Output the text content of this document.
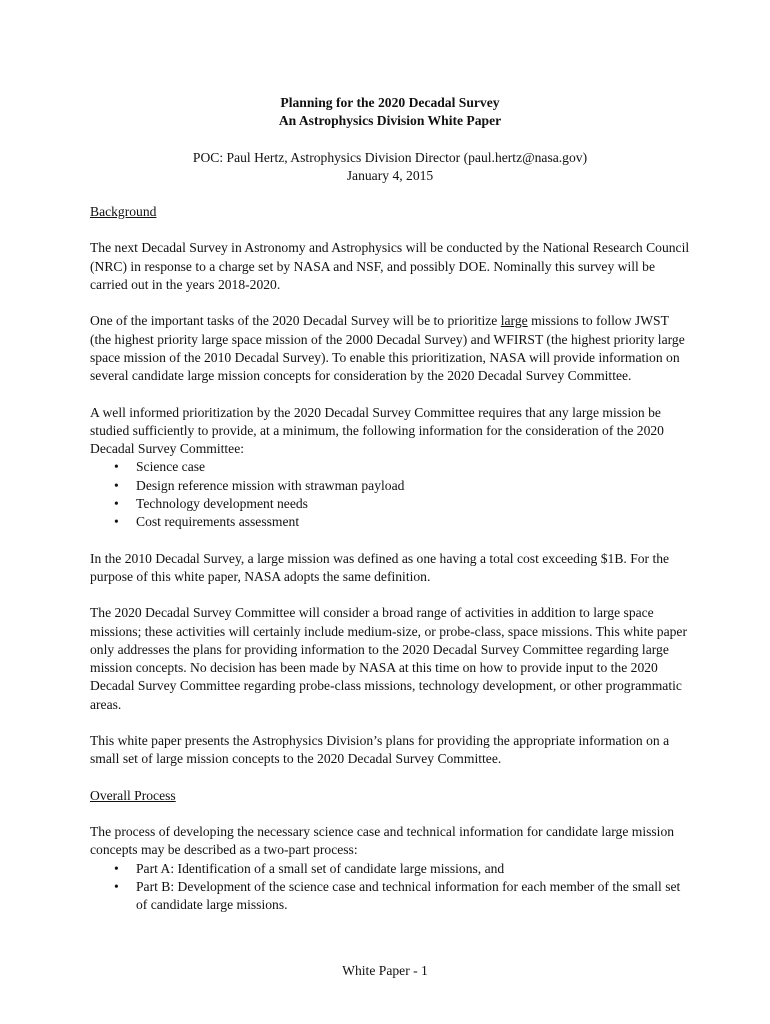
Planning for the 2020 Decadal Survey

An Astrophysics Division White Paper

POC: Paul Hertz, Astrophysics Division Director (paul.hertz@nasa.gov)

January 4, 2015

Background

The next Decadal Survey in Astronomy and Astrophysics will be conducted by the National Research Council (NRC) in response to a charge set by NASA and NSF, and possibly DOE. Nominally this survey will be carried out in the years 2018-2020.

One of the important tasks of the 2020 Decadal Survey will be to prioritize large missions to follow JWST (the highest priority large space mission of the 2000 Decadal Survey) and WFIRST (the highest priority large space mission of the 2010 Decadal Survey). To enable this prioritization, NASA will provide information on several candidate large mission concepts for consideration by the 2020 Decadal Survey Committee.

A well informed prioritization by the 2020 Decadal Survey Committee requires that any large mission be studied sufficiently to provide, at a minimum, the following information for the consideration of the 2020 Decadal Survey Committee:

• Science case
• Design reference mission with strawman payload
• Technology development needs
• Cost requirements assessment

In the 2010 Decadal Survey, a large mission was defined as one having a total cost exceeding $1B. For the purpose of this white paper, NASA adopts the same definition.

The 2020 Decadal Survey Committee will consider a broad range of activities in addition to large space missions; these activities will certainly include medium-size, or probe-class, space missions. This white paper only addresses the plans for providing information to the 2020 Decadal Survey Committee regarding large mission concepts. No decision has been made by NASA at this time on how to provide input to the 2020 Decadal Survey Committee regarding probe-class missions, technology development, or other programmatic areas.

This white paper presents the Astrophysics Division’s plans for providing the appropriate information on a small set of large mission concepts to the 2020 Decadal Survey Committee.

Overall Process

The process of developing the necessary science case and technical information for candidate large mission concepts may be described as a two-part process:

• Part A: Identification of a small set of candidate large missions, and
• Part B: Development of the science case and technical information for each member of the small set of candidate large missions.
White Paper - 1
